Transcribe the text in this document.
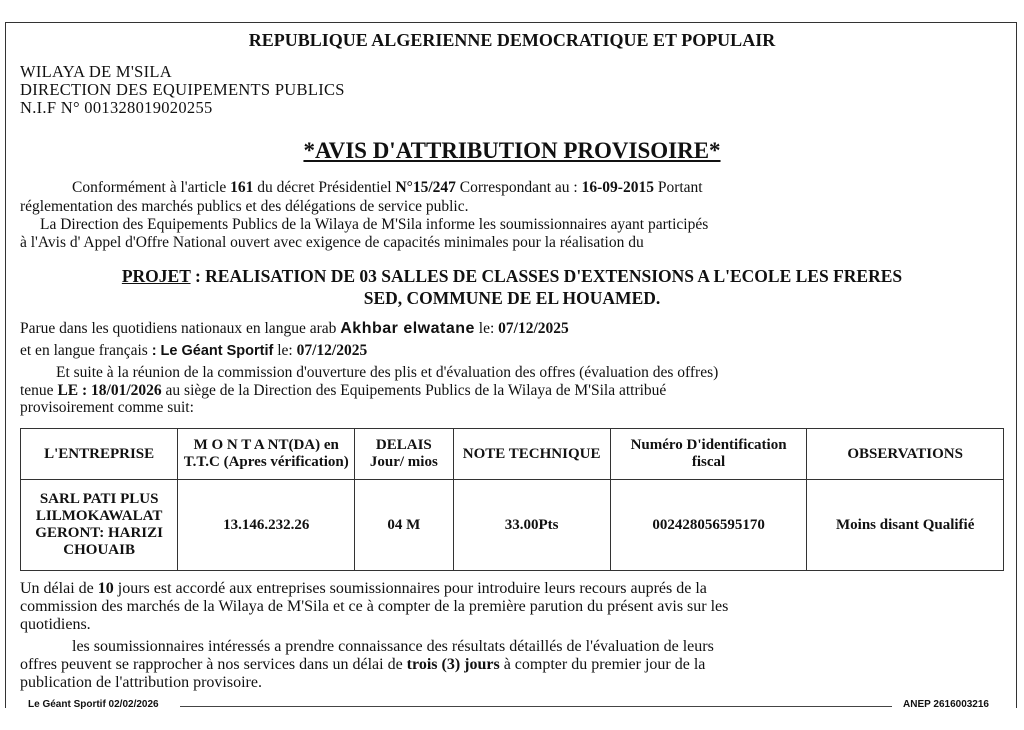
REPUBLIQUE ALGERIENNE DEMOCRATIQUE ET POPULAIR
WILAYA DE M'SILA
DIRECTION DES EQUIPEMENTS PUBLICS
N.I.F N° 001328019020255
*AVIS D'ATTRIBUTION PROVISOIRE*
Conformément à l'article 161 du décret Présidentiel N°15/247 Correspondant au : 16-09-2015 Portant
réglementation des marchés publics et des délégations de service public.
La Direction des Equipements Publics de la Wilaya de M'Sila informe les soumissionnaires ayant participés
à l'Avis d' Appel d'Offre National ouvert avec exigence de capacités minimales pour la réalisation du
PROJET : REALISATION DE 03 SALLES DE CLASSES D'EXTENSIONS A L'ECOLE LES FRERES
SED, COMMUNE DE EL HOUAMED.
Parue dans les quotidiens nationaux en langue arab Akhbar elwatane le: 07/12/2025
et en langue français : Le Géant Sportif le: 07/12/2025
Et suite à la réunion de la commission d'ouverture des plis et d'évaluation des offres (évaluation des offres)
tenue LE : 18/01/2026 au siège de la Direction des Equipements Publics de la Wilaya de M'Sila attribué
provisoirement comme suit:
L'ENTREPRISE	M O N T A NT(DA) en T.T.C (Apres vérification)	DELAIS Jour/ mios	NOTE TECHNIQUE	Numéro D'identification fiscal	OBSERVATIONS
SARL PATI PLUS LILMOKAWALAT GERONT: HARIZI CHOUAIB	13.146.232.26	04 M	33.00Pts	002428056595170	Moins disant Qualifié
Un délai de 10 jours est accordé aux entreprises soumissionnaires pour introduire leurs recours auprés de la
commission des marchés de la Wilaya de M'Sila et ce à compter de la première parution du présent avis sur les
quotidiens.
les soumissionnaires intéressés a prendre connaissance des résultats détaillés de l'évaluation de leurs
offres peuvent se rapprocher à nos services dans un délai de trois (3) jours à compter du premier jour de la
publication de l'attribution provisoire.
Le Géant Sportif 02/02/2026	ANEP 2616003216
